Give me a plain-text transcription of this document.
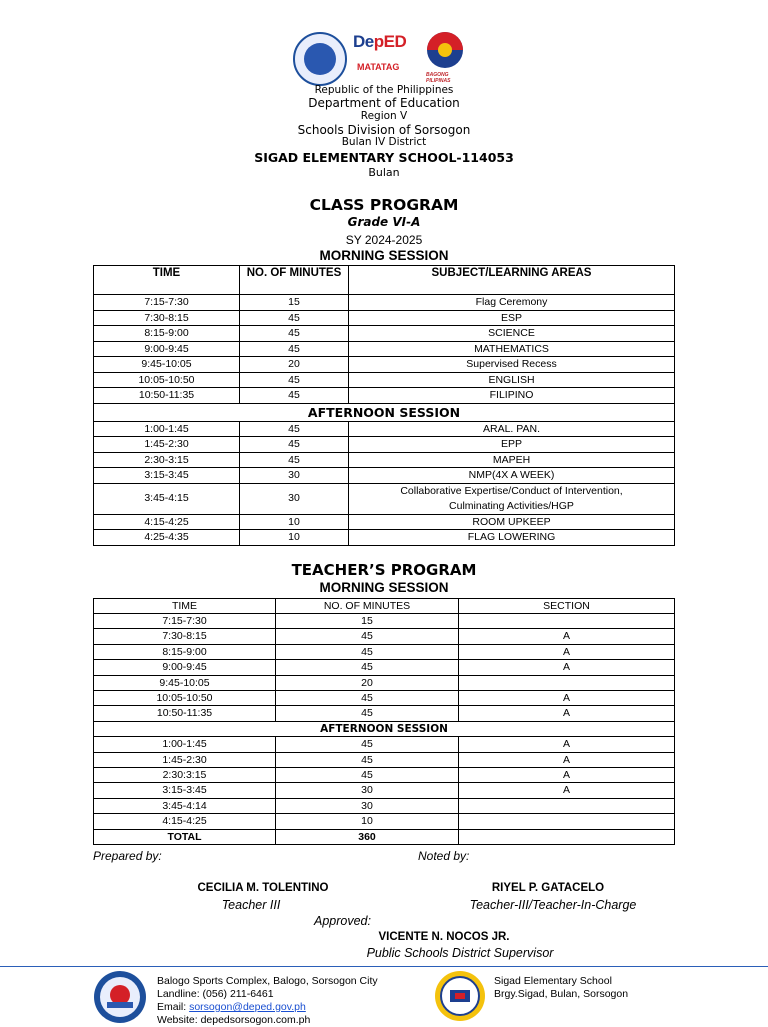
DepED
MATATAG
BAGONG PILIPINAS
Republic of the Philippines
Department of Education
Region V
Schools Division of Sorsogon
Bulan IV District
SIGAD ELEMENTARY SCHOOL-114053
Bulan
CLASS PROGRAM
Grade VI-A
SY 2024-2025
MORNING SESSION
TIME	NO. OF MINUTES	SUBJECT/LEARNING AREAS
7:15-7:30	15	Flag Ceremony
7:30-8:15	45	ESP
8:15-9:00	45	SCIENCE
9:00-9:45	45	MATHEMATICS
9:45-10:05	20	Supervised Recess
10:05-10:50	45	ENGLISH
10:50-11:35	45	FILIPINO
AFTERNOON SESSION		
1:00-1:45	45	ARAL. PAN.
1:45-2:30	45	EPP
2:30-3:15	45	MAPEH
3:15-3:45	30	NMP(4X A WEEK)
3:45-4:15	30	Collaborative Expertise/Conduct of Intervention, Culminating Activities/HGP
4:15-4:25	10	ROOM UPKEEP
4:25-4:35	10	FLAG LOWERING
TEACHER’S PROGRAM
MORNING SESSION
TIME	NO. OF MINUTES	SECTION
7:15-7:30	15	
7:30-8:15	45	A
8:15-9:00	45	A
9:00-9:45	45	A
9:45-10:05	20	
10:05-10:50	45	A
10:50-11:35	45	A
AFTERNOON SESSION		
1:00-1:45	45	A
1:45-2:30	45	A
2:30:3:15	45	A
3:15-3:45	30	A
3:45-4:14	30	
4:15-4:25	10	
TOTAL	360	
Prepared by:	Noted by:
CECILIA M. TOLENTINO
Teacher III
RIYEL P. GATACELO
Teacher-III/Teacher-In-Charge
Approved:
VICENTE N. NOCOS JR.
Public Schools District Supervisor
Balogo Sports Complex, Balogo, Sorsogon City
Landline: (056) 211-6461
Email: sorsogon@deped.gov.ph
Website: depedsorsogon.com.ph
Sigad Elementary School
Brgy.Sigad, Bulan, Sorsogon
